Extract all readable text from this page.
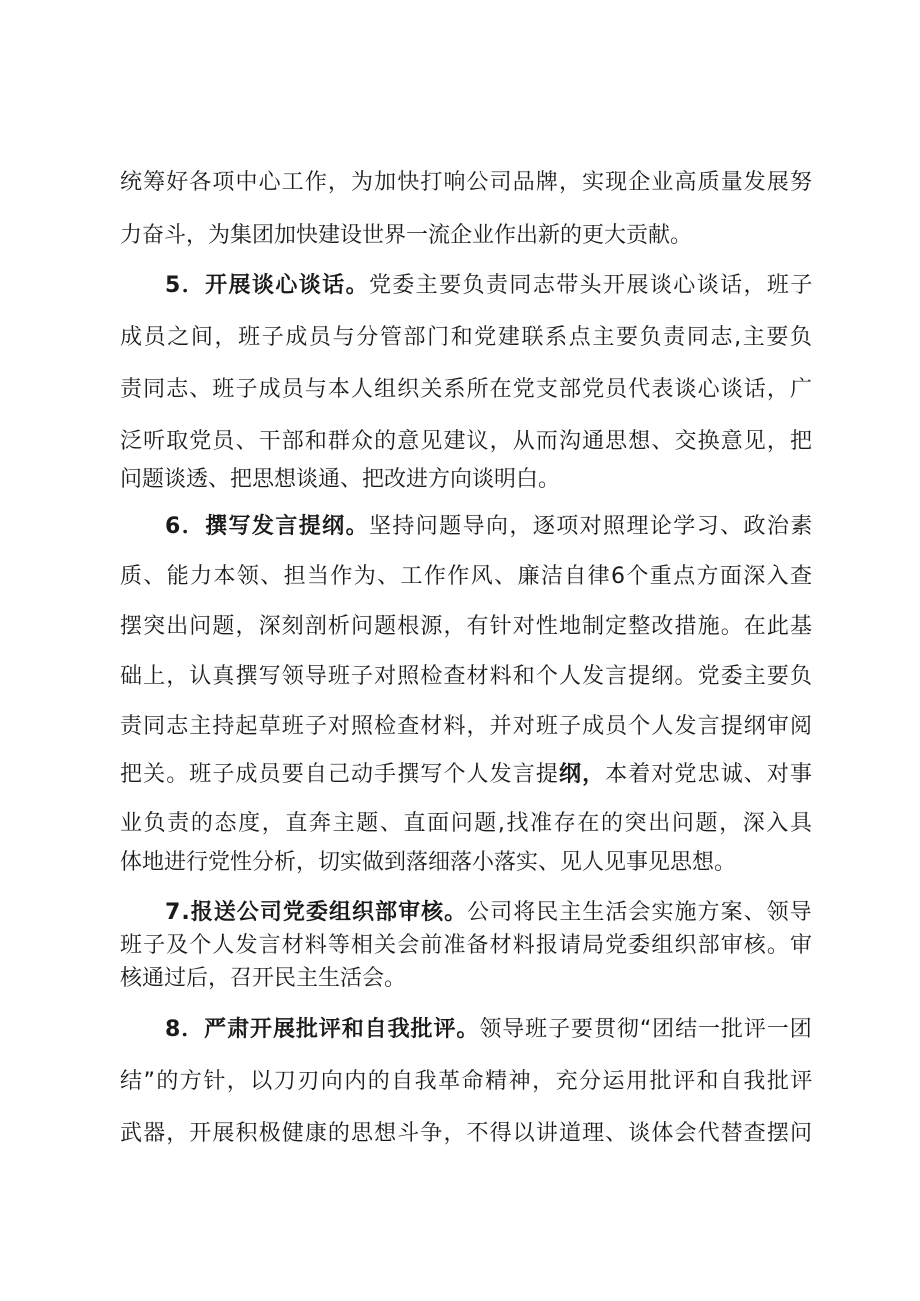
统筹好各项中心工作，为加快打响公司品牌，实现企业高质量发展努
力奋斗，为集团加快建设世界一流企业作出新的更大贡献。
5．开展谈心谈话。党委主要负责同志带头开展谈心谈话，班子
成员之间，班子成员与分管部门和党建联系点主要负责同志,主要负
责同志、班子成员与本人组织关系所在党支部党员代表谈心谈话，广
泛听取党员、干部和群众的意见建议，从而沟通思想、交换意见，把
问题谈透、把思想谈通、把改进方向谈明白。
6．撰写发言提纲。坚持问题导向，逐项对照理论学习、政治素
质、能力本领、担当作为、工作作风、廉洁自律6个重点方面深入查
摆突出问题，深刻剖析问题根源，有针对性地制定整改措施。在此基
础上，认真撰写领导班子对照检查材料和个人发言提纲。党委主要负
责同志主持起草班子对照检查材料，并对班子成员个人发言提纲审阅
把关。班子成员要自己动手撰写个人发言提纲，本着对党忠诚、对事
业负责的态度，直奔主题、直面问题,找准存在的突出问题，深入具
体地进行党性分析，切实做到落细落小落实、见人见事见思想。
7.报送公司党委组织部审核。公司将民主生活会实施方案、领导
班子及个人发言材料等相关会前准备材料报请局党委组织部审核。审
核通过后，召开民主生活会。
8．严肃开展批评和自我批评。领导班子要贯彻“团结一批评一团
结”的方针，以刀刃向内的自我革命精神，充分运用批评和自我批评
武器，开展积极健康的思想斗争，不得以讲道理、谈体会代替查摆问
